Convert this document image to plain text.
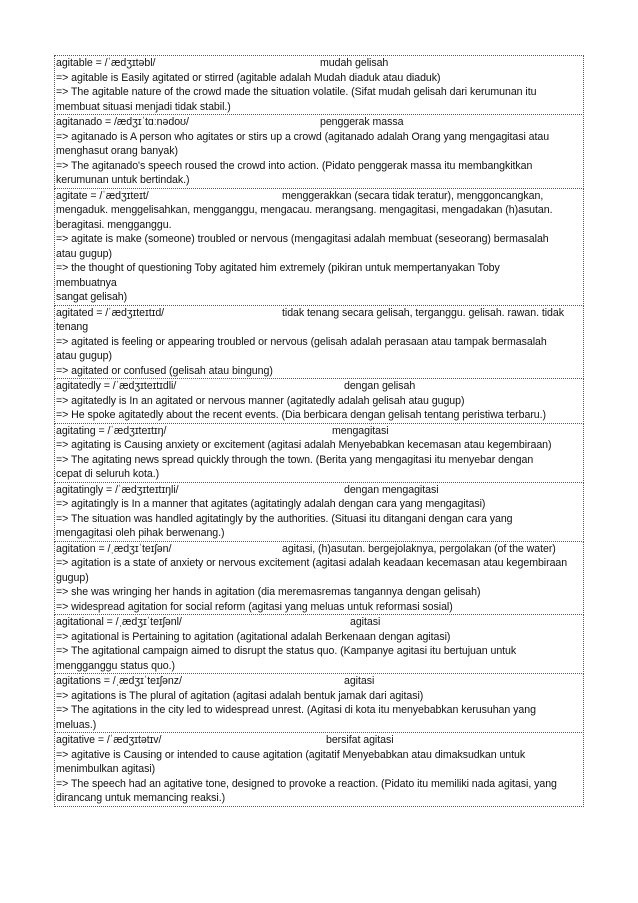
agitable = /ˈædʒɪtəbl/	mudah gelisah
=> agitable is Easily agitated or stirred (agitable adalah Mudah diaduk atau diaduk)
=> The agitable nature of the crowd made the situation volatile. (Sifat mudah gelisah dari kerumunan itu
membuat situasi menjadi tidak stabil.)
agitanado = /ædʒɪˈtɑːnədoʊ/	penggerak massa
=> agitanado is A person who agitates or stirs up a crowd (agitanado adalah Orang yang mengagitasi atau
menghasut orang banyak)
=> The agitanado's speech roused the crowd into action. (Pidato penggerak massa itu membangkitkan
kerumunan untuk bertindak.)
agitate = /ˈædʒɪteɪt/	menggerakkan (secara tidak teratur), menggoncangkan,
mengaduk. menggelisahkan, mengganggu, mengacau. merangsang. mengagitasi, mengadakan (h)asutan.
beragitasi. mengganggu.
=> agitate is make (someone) troubled or nervous (mengagitasi adalah membuat (seseorang) bermasalah
atau gugup)
=> the thought of questioning Toby agitated him extremely (pikiran untuk mempertanyakan Toby
membuatnya
sangat gelisah)
agitated = /ˈædʒɪteɪtɪd/	tidak tenang secara gelisah, terganggu. gelisah. rawan. tidak
tenang
=> agitated is feeling or appearing troubled or nervous (gelisah adalah perasaan atau tampak bermasalah
atau gugup)
=> agitated or confused (gelisah atau bingung)
agitatedly = /ˈædʒɪteɪtɪdli/	dengan gelisah
=> agitatedly is In an agitated or nervous manner (agitatedly adalah gelisah atau gugup)
=> He spoke agitatedly about the recent events. (Dia berbicara dengan gelisah tentang peristiwa terbaru.)
agitating = /ˈædʒɪteɪtɪŋ/	mengagitasi
=> agitating is Causing anxiety or excitement (agitasi adalah Menyebabkan kecemasan atau kegembiraan)
=> The agitating news spread quickly through the town. (Berita yang mengagitasi itu menyebar dengan
cepat di seluruh kota.)
agitatingly = /ˈædʒɪteɪtɪŋli/	dengan mengagitasi
=> agitatingly is In a manner that agitates (agitatingly adalah dengan cara yang mengagitasi)
=> The situation was handled agitatingly by the authorities. (Situasi itu ditangani dengan cara yang
mengagitasi oleh pihak berwenang.)
agitation = /ˌædʒɪˈteɪʃən/	agitasi, (h)asutan. bergejolaknya, pergolakan (of the water)
=> agitation is a state of anxiety or nervous excitement (agitasi adalah keadaan kecemasan atau kegembiraan
gugup)
=> she was wringing her hands in agitation (dia meremasremas tangannya dengan gelisah)
=> widespread agitation for social reform (agitasi yang meluas untuk reformasi sosial)
agitational = /ˌædʒɪˈteɪʃənl/	agitasi
=> agitational is Pertaining to agitation (agitational adalah Berkenaan dengan agitasi)
=> The agitational campaign aimed to disrupt the status quo. (Kampanye agitasi itu bertujuan untuk
mengganggu status quo.)
agitations = /ˌædʒɪˈteɪʃənz/	agitasi
=> agitations is The plural of agitation (agitasi adalah bentuk jamak dari agitasi)
=> The agitations in the city led to widespread unrest. (Agitasi di kota itu menyebabkan kerusuhan yang
meluas.)
agitative = /ˈædʒɪtətɪv/	bersifat agitasi
=> agitative is Causing or intended to cause agitation (agitatif Menyebabkan atau dimaksudkan untuk
menimbulkan agitasi)
=> The speech had an agitative tone, designed to provoke a reaction. (Pidato itu memiliki nada agitasi, yang
dirancang untuk memancing reaksi.)
